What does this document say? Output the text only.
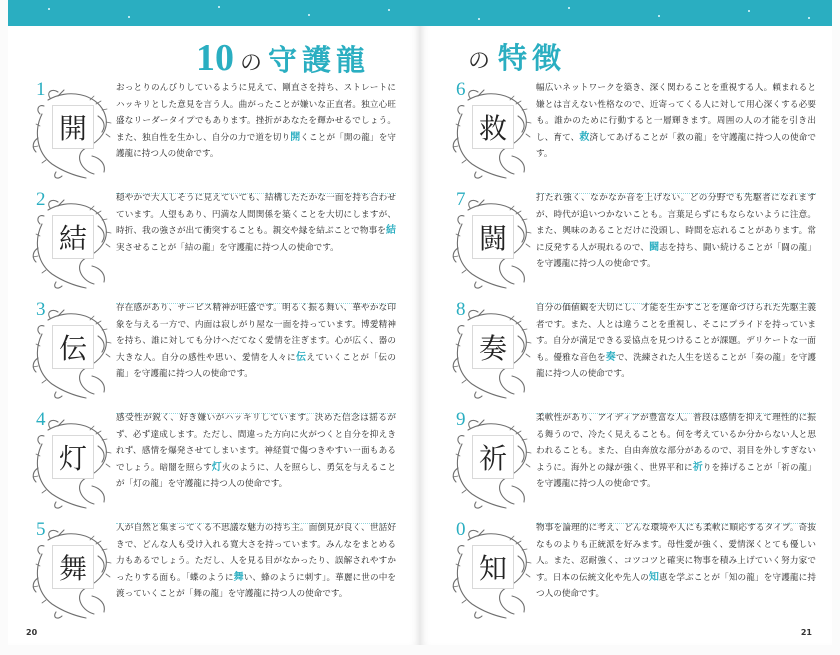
10 の 守護龍	の 特徴
1
開
おっとりのんびりしているように見えて、剛直さを持ち、ストレートにハッキリとした意見を言う人。曲がったことが嫌いな正直者。独立心旺盛なリーダータイプでもあります。挫折があなたを輝かせるでしょう。また、独自性を生かし、自分の力で道を切り開くことが「開の龍」を守護龍に持つ人の使命です。
2
結
穏やかで大人しそうに見えていても、結構したたかな一面を持ち合わせています。人望もあり、円満な人間関係を築くことを大切にしますが、時折、我の強さが出て衝突することも。親交や縁を結ぶことで物事を結実させることが「結の龍」を守護龍に持つ人の使命です。
3
伝
存在感があり、サービス精神が旺盛です。明るく振る舞い、華やかな印象を与える一方で、内面は寂しがり屋な一面を持っています。博愛精神を持ち、誰に対しても分けへだてなく愛情を注ぎます。心が広く、器の大きな人。自分の感性や思い、愛情を人々に伝えていくことが「伝の龍」を守護龍に持つ人の使命です。
4
灯
感受性が鋭く、好き嫌いがハッキリしています。決めた信念は揺るがず、必ず達成します。ただし、間違った方向に火がつくと自分を抑えきれず、感情を爆発させてしまいます。神経質で傷つきやすい一面もあるでしょう。暗闇を照らす灯火のように、人を照らし、勇気を与えることが「灯の龍」を守護龍に持つ人の使命です。
5
舞
人が自然と集まってくる不思議な魅力の持ち主。面倒見が良く、世話好きで、どんな人も受け入れる寛大さを持っています。みんなをまとめる力もあるでしょう。ただし、人を見る目がなかったり、誤解されやすかったりする面も。「蝶のように舞い、蜂のように刺す」。華麗に世の中を渡っていくことが「舞の龍」を守護龍に持つ人の使命です。
6
救
幅広いネットワークを築き、深く関わることを重視する人。頼まれると嫌とは言えない性格なので、近寄ってくる人に対して用心深くする必要も。誰かのために行動すると一層輝きます。周囲の人の才能を引き出し、育て、救済してあげることが「救の龍」を守護龍に持つ人の使命です。
7
闘
打たれ強く、なかなか音を上げない。どの分野でも先駆者になれますが、時代が追いつかないことも。言葉足らずにもならないように注意。また、興味のあることだけに没頭し、時間を忘れることがあります。常に反発する人が現れるので、闘志を持ち、闘い続けることが「闘の龍」を守護龍に持つ人の使命です。
8
奏
自分の価値観を大切にし、才能を生かすことを運命づけられた先駆主義者です。また、人とは違うことを重視し、そこにプライドを持っています。自分が満足できる妥協点を見つけることが課題。デリケートな一面も。優雅な音色を奏で、洗練された人生を送ることが「奏の龍」を守護龍に持つ人の使命です。
9
祈
柔軟性があり、アイディアが豊富な人。普段は感情を抑えて理性的に振る舞うので、冷たく見えることも。何を考えているか分からない人と思われることも。また、自由奔放な部分があるので、羽目を外しすぎないように。海外との縁が強く、世界平和に祈りを捧げることが「祈の龍」を守護龍に持つ人の使命です。
0
知
物事を論理的に考え、どんな環境や人にも柔軟に順応するタイプ。奇抜なものよりも正統派を好みます。母性愛が強く、愛情深くとても優しい人。また、忍耐強く、コツコツと確実に物事を積み上げていく努力家です。日本の伝統文化や先人の知恵を学ぶことが「知の龍」を守護龍に持つ人の使命です。
20	21
